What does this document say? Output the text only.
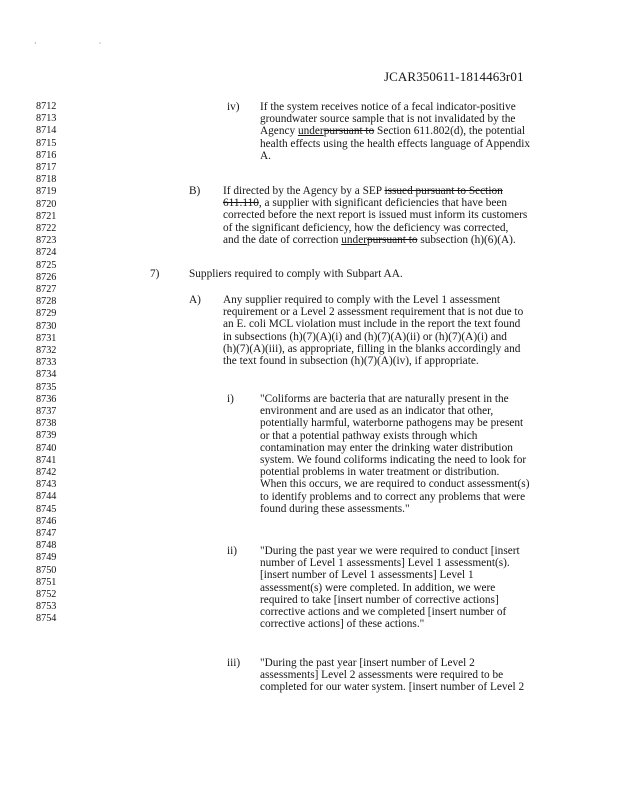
· ·
JCAR350611-1814463r01
8712
8713
8714
8715
8716
8717
8718
8719
8720
8721
8722
8723
8724
8725
8726
8727
8728
8729
8730
8731
8732
8733
8734
8735
8736
8737
8738
8739
8740
8741
8742
8743
8744
8745
8746
8747
8748
8749
8750
8751
8752
8753
8754
iv)
B)
7)
A)
i)
ii)
iii)
If the system receives notice of a fecal indicator-positive
groundwater source sample that is not invalidated by the
Agency underpursuant to Section 611.802(d), the potential
health effects using the health effects language of Appendix
A.
If directed by the Agency by a SEP issued pursuant to Section
611.110, a supplier with significant deficiencies that have been
corrected before the next report is issued must inform its customers
of the significant deficiency, how the deficiency was corrected,
and the date of correction underpursuant to subsection (h)(6)(A).
Suppliers required to comply with Subpart AA.
Any supplier required to comply with the Level 1 assessment
requirement or a Level 2 assessment requirement that is not due to
an E. coli MCL violation must include in the report the text found
in subsections (h)(7)(A)(i) and (h)(7)(A)(ii) or (h)(7)(A)(i) and
(h)(7)(A)(iii), as appropriate, filling in the blanks accordingly and
the text found in subsection (h)(7)(A)(iv), if appropriate.
"Coliforms are bacteria that are naturally present in the
environment and are used as an indicator that other,
potentially harmful, waterborne pathogens may be present
or that a potential pathway exists through which
contamination may enter the drinking water distribution
system. We found coliforms indicating the need to look for
potential problems in water treatment or distribution.
When this occurs, we are required to conduct assessment(s)
to identify problems and to correct any problems that were
found during these assessments."
"During the past year we were required to conduct [insert
number of Level 1 assessments] Level 1 assessment(s).
[insert number of Level 1 assessments] Level 1
assessment(s) were completed. In addition, we were
required to take [insert number of corrective actions]
corrective actions and we completed [insert number of
corrective actions] of these actions."
"During the past year [insert number of Level 2
assessments] Level 2 assessments were required to be
completed for our water system. [insert number of Level 2
